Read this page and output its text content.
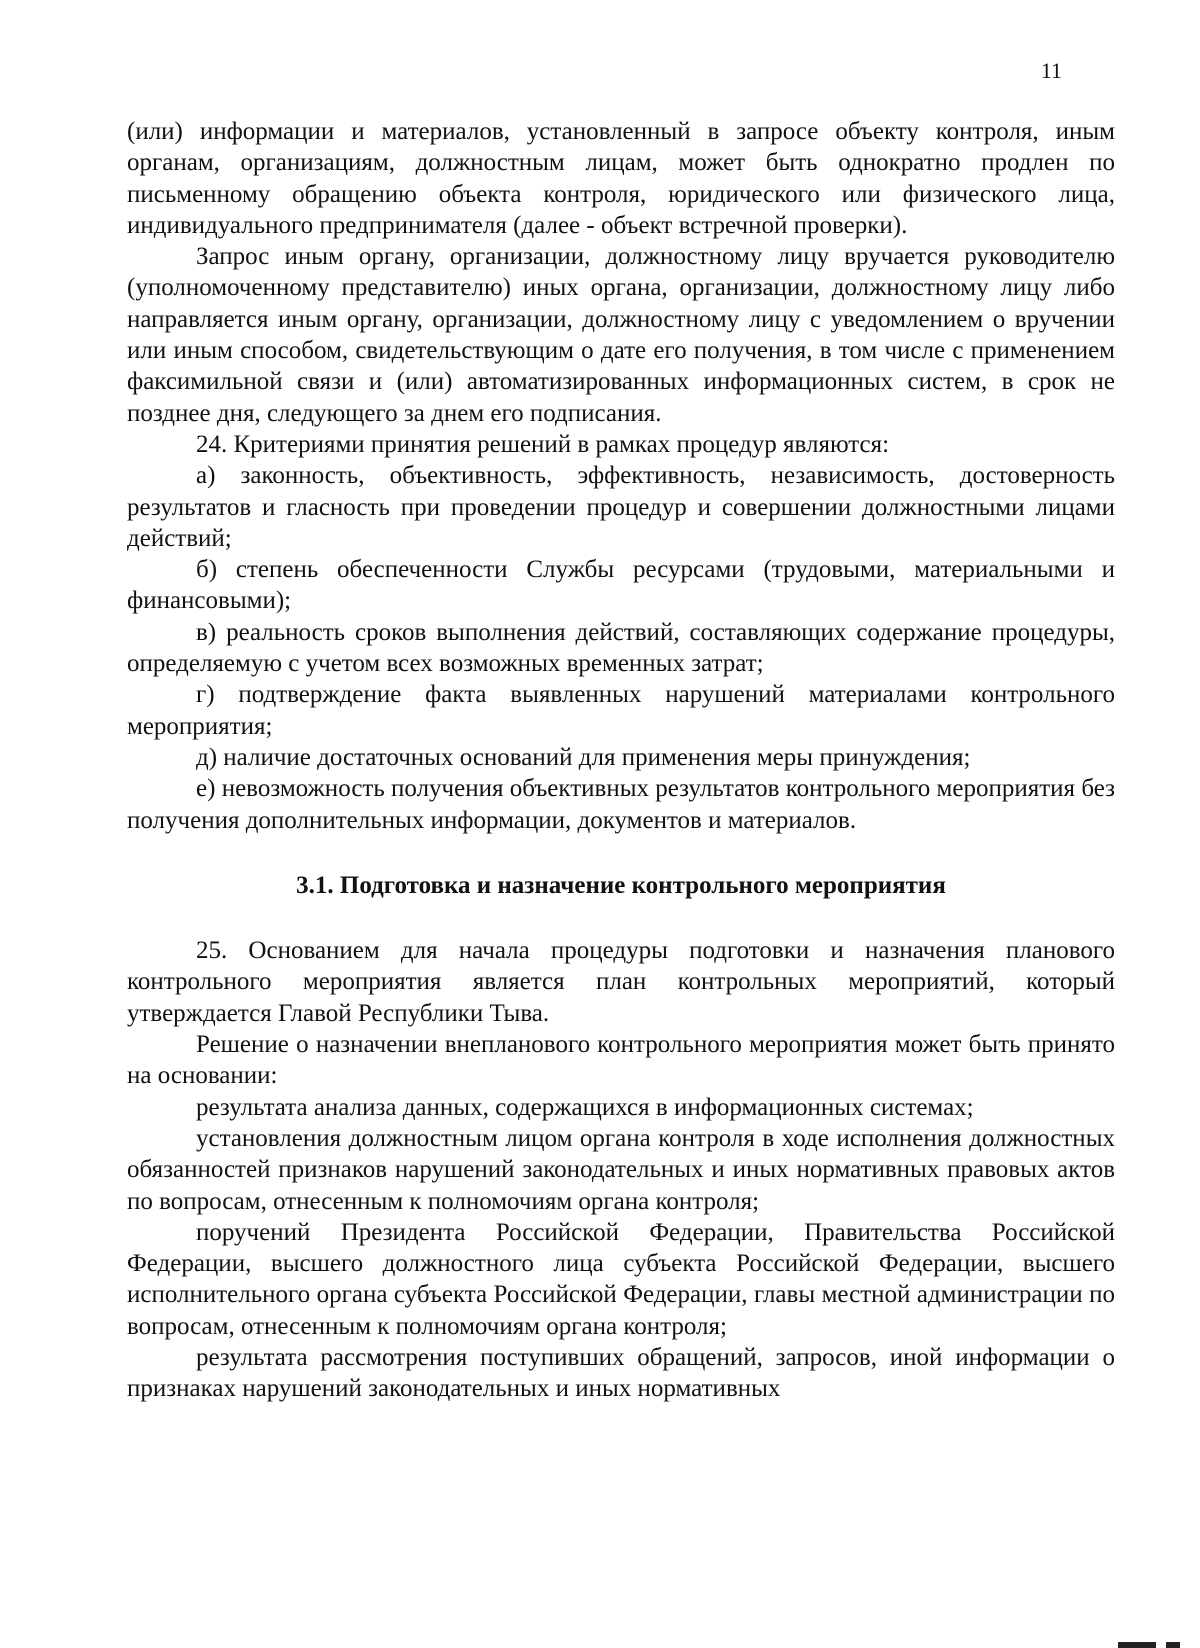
11

(или) информации и материалов, установленный в запросе объекту контроля, иным органам, организациям, должностным лицам, может быть однократно продлен по письменному обращению объекта контроля, юридического или физического лица, индивидуального предпринимателя (далее - объект встречной проверки).

Запрос иным органу, организации, должностному лицу вручается руководителю (уполномоченному представителю) иных органа, организации, должностному лицу либо направляется иным органу, организации, должностному лицу с уведомлением о вручении или иным способом, свидетельствующим о дате его получения, в том числе с применением факсимильной связи и (или) автоматизированных информационных систем, в срок не позднее дня, следующего за днем его подписания.

24. Критериями принятия решений в рамках процедур являются:

а) законность, объективность, эффективность, независимость, достоверность результатов и гласность при проведении процедур и совершении должностными лицами действий;

б) степень обеспеченности Службы ресурсами (трудовыми, материальными и финансовыми);

в) реальность сроков выполнения действий, составляющих содержание процедуры, определяемую с учетом всех возможных временных затрат;

г) подтверждение факта выявленных нарушений материалами контрольного мероприятия;

д) наличие достаточных оснований для применения меры принуждения;

е) невозможность получения объективных результатов контрольного мероприятия без получения дополнительных информации, документов и материалов.

3.1. Подготовка и назначение контрольного мероприятия

25. Основанием для начала процедуры подготовки и назначения планового контрольного мероприятия является план контрольных мероприятий, который утверждается Главой Республики Тыва.

Решение о назначении внепланового контрольного мероприятия может быть принято на основании:

результата анализа данных, содержащихся в информационных системах;

установления должностным лицом органа контроля в ходе исполнения должностных обязанностей признаков нарушений законодательных и иных нормативных правовых актов по вопросам, отнесенным к полномочиям органа контроля;

поручений Президента Российской Федерации, Правительства Российской Федерации, высшего должностного лица субъекта Российской Федерации, высшего исполнительного органа субъекта Российской Федерации, главы местной администрации по вопросам, отнесенным к полномочиям органа контроля;

результата рассмотрения поступивших обращений, запросов, иной информации о признаках нарушений законодательных и иных нормативных
